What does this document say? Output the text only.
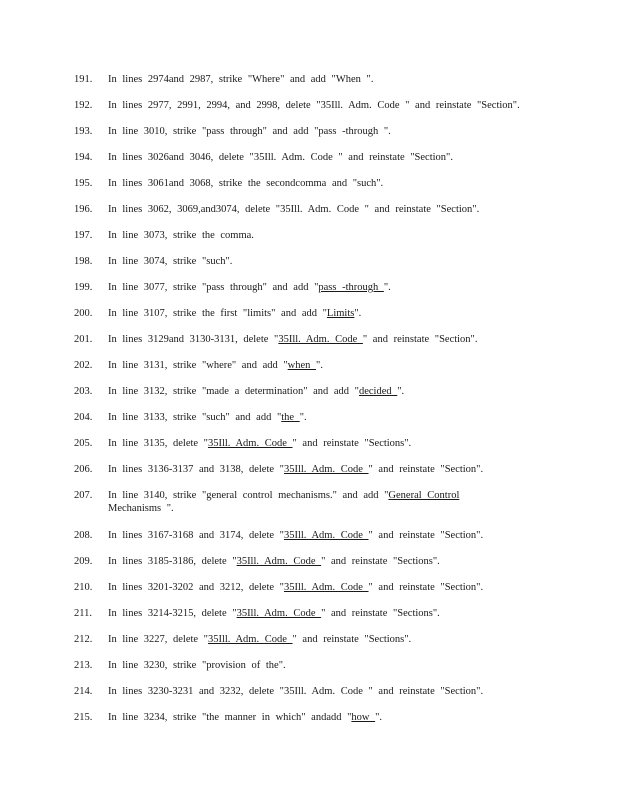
191.	In lines 2974and 2987, strike "Where" and add "When ".
192.	In lines 2977, 2991, 2994, and 2998, delete "35Ill. Adm. Code " and reinstate "Section".
193.	In line 3010, strike "pass through" and add "pass -through ".
194.	In lines 3026and 3046, delete "35Ill. Adm. Code " and reinstate "Section".
195.	In lines 3061and 3068, strike the secondcomma and "such".
196.	In lines 3062, 3069,and3074, delete "35Ill. Adm. Code " and reinstate "Section".
197.	In line 3073, strike the comma.
198.	In line 3074, strike "such".
199.	In line 3077, strike "pass through" and add "pass -through ".
200.	In line 3107, strike the first "limits" and add "Limits".
201.	In lines 3129and 3130-3131, delete "35Ill. Adm. Code " and reinstate "Section".
202.	In line 3131, strike "where" and add "when ".
203.	In line 3132, strike "made a determination" and add "decided ".
204.	In line 3133, strike "such" and add "the ".
205.	In line 3135, delete "35Ill. Adm. Code " and reinstate "Sections".
206.	In lines 3136-3137 and 3138, delete "35Ill. Adm. Code " and reinstate "Section".
207.	In line 3140, strike "general control mechanisms." and add "General Control
Mechanisms ".
208.	In lines 3167-3168 and 3174, delete "35Ill. Adm. Code " and reinstate "Section".
209.	In lines 3185-3186, delete "35Ill. Adm. Code " and reinstate "Sections".
210.	In lines 3201-3202 and 3212, delete "35Ill. Adm. Code " and reinstate "Section".
211.	In lines 3214-3215, delete "35Ill. Adm. Code " and reinstate "Sections".
212.	In line 3227, delete "35Ill. Adm. Code " and reinstate "Sections".
213.	In line 3230, strike "provision of the".
214.	In lines 3230-3231 and 3232, delete "35Ill. Adm. Code " and reinstate "Section".
215.	In line 3234, strike "the manner in which" andadd "how ".
